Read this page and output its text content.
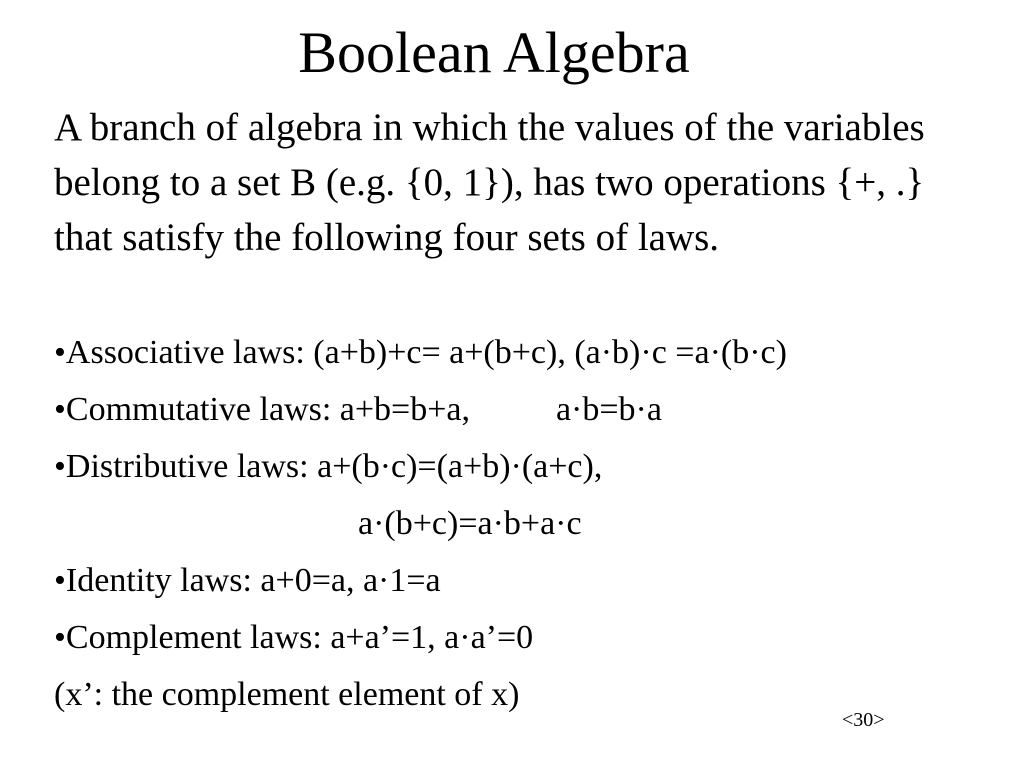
Boolean Algebra
A branch of algebra in which the values of the variables belong to a set B (e.g. {0, 1}), has two operations {+, .} that satisfy the following four sets of laws.
•Associative laws: (a+b)+c= a+(b+c), (a·b)·c =a·(b·c)
•Commutative laws: a+b=b+a,	a·b=b·a
•Distributive laws: a+(b·c)=(a+b)·(a+c),
a·(b+c)=a·b+a·c
•Identity laws: a+0=a, a·1=a
•Complement laws: a+a’=1, a·a’=0
(x’: the complement element of x)
<30>
